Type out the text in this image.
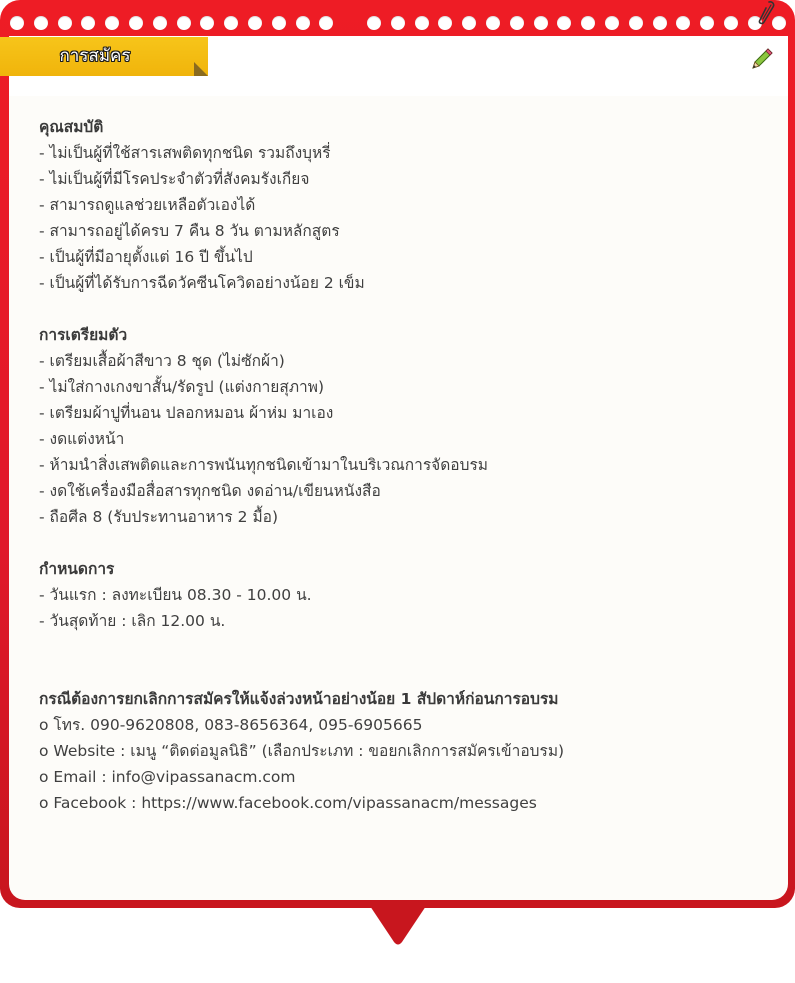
การสมัคร
คุณสมบัติ
- ไม่เป็นผู้ที่ใช้สารเสพติดทุกชนิด รวมถึงบุหรี่
- ไม่เป็นผู้ที่มีโรคประจำตัวที่สังคมรังเกียจ
- สามารถดูแลช่วยเหลือตัวเองได้
- สามารถอยู่ได้ครบ 7 คืน 8 วัน ตามหลักสูตร
- เป็นผู้ที่มีอายุตั้งแต่ 16 ปี ขึ้นไป
- เป็นผู้ที่ได้รับการฉีดวัคซีนโควิดอย่างน้อย 2 เข็ม
การเตรียมตัว
- เตรียมเสื้อผ้าสีขาว 8 ชุด (ไม่ซักผ้า)
- ไม่ใส่กางเกงขาสั้น/รัดรูป (แต่งกายสุภาพ)
- เตรียมผ้าปูที่นอน ปลอกหมอน ผ้าห่ม มาเอง
- งดแต่งหน้า
- ห้ามนำสิ่งเสพติดและการพนันทุกชนิดเข้ามาในบริเวณการจัดอบรม
- งดใช้เครื่องมือสื่อสารทุกชนิด งดอ่าน/เขียนหนังสือ
- ถือศีล 8 (รับประทานอาหาร 2 มื้อ)
กำหนดการ
- วันแรก : ลงทะเบียน 08.30 - 10.00 น.
- วันสุดท้าย : เลิก 12.00 น.
กรณีต้องการยกเลิกการสมัครให้แจ้งล่วงหน้าอย่างน้อย 1 สัปดาห์ก่อนการอบรม
o โทร. 090-9620808, 083-8656364, 095-6905665
o Website : เมนู “ติดต่อมูลนิธิ” (เลือกประเภท : ขอยกเลิกการสมัครเข้าอบรม)
o Email : info@vipassanacm.com
o Facebook : https://www.facebook.com/vipassanacm/messages
